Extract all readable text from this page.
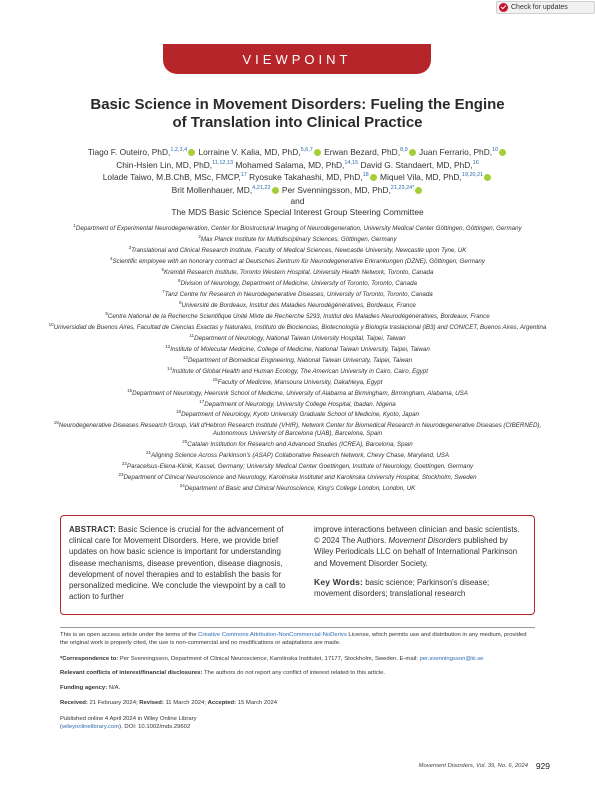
Check for updates
VIEWPOINT
Basic Science in Movement Disorders: Fueling the Engine
of Translation into Clinical Practice
Tiago F. Outeiro, PhD,$^{1,2,3,4}$ Lorraine V. Kalia, MD, PhD,$^{5,6,7}$ Erwan Bezard, PhD,$^{8,9}$ Juan Ferrario, PhD,$^{10}$
Chin-Hsien Lin, MD, PhD,$^{11,12,13}$ Mohamed Salama, MD, PhD,$^{14,15}$ David G. Standaert, MD, PhD,$^{16}$
Lolade Taiwo, M.B.ChB, MSc, FMCP,$^{17}$ Ryosuke Takahashi, MD, PhD,$^{18}$ Miquel Vila, MD, PhD,$^{19,20,21}$
Brit Mollenhauer, MD,$^{4,21,22}$ Per Svenningsson, MD, PhD,$^{21,23,24*}$
and
The MDS Basic Science Special Interest Group Steering Committee
$^1$Department of Experimental Neurodegeneration, Center for Biostructural Imaging of Neurodegeneration, University Medical Center Göttingen, Göttingen, Germany
$^2$Max Planck Institute for Multidisciplinary Sciences, Göttingen, Germany
$^3$Translational and Clinical Research Institute, Faculty of Medical Sciences, Newcastle University, Newcastle upon Tyne, UK
$^4$Scientific employee with an honorary contract at Deutsches Zentrum für Neurodegenerative Erkrankungen (DZNE), Göttingen, Germany
$^5$Krembil Research Institute, Toronto Western Hospital, University Health Network, Toronto, Canada
$^6$Division of Neurology, Department of Medicine, University of Toronto, Toronto, Canada
$^7$Tanz Centre for Research in Neurodegenerative Diseases, University of Toronto, Toronto, Canada
$^8$Université de Bordeaux, Institut des Maladies Neurodégénératives, Bordeaux, France
$^9$Centre National de la Recherche Scientifique Unité Mixte de Recherche 5293, Institut des Maladies Neurodégénératives, Bordeaux, France
$^{10}$Universidad de Buenos Aires, Facultad de Ciencias Exactas y Naturales, Instituto de Biociencias, Biotecnología y Biología traslacional (iB3) and CONICET, Buenos Aires, Argentina
$^{11}$Department of Neurology, National Taiwan University Hospital, Taipei, Taiwan
$^{12}$Institute of Molecular Medicine, College of Medicine, National Taiwan University, Taipei, Taiwan
$^{13}$Department of Biomedical Engineering, National Taiwan University, Taipei, Taiwan
$^{14}$Institute of Global Health and Human Ecology, The American University in Cairo, Cairo, Egypt
$^{15}$Faculty of Medicine, Mansoura University, Dakahleya, Egypt
$^{16}$Department of Neurology, Heersink School of Medicine, University of Alabama at Birmingham, Birmingham, Alabama, USA
$^{17}$Department of Neurology, University College Hospital, Ibadan, Nigeria
$^{18}$Department of Neurology, Kyoto University Graduate School of Medicine, Kyoto, Japan
$^{19}$Neurodegenerative Diseases Research Group, Vall d'Hebron Research Institute (VHIR), Network Center for Biomedical Research in Neurodegenerative Diseases (CIBERNED), Autonomous University of Barcelona (UAB), Barcelona, Spain
$^{20}$Catalan Institution for Research and Advanced Studies (ICREA), Barcelona, Spain
$^{21}$Aligning Science Across Parkinson's (ASAP) Collaborative Research Network, Chevy Chase, Maryland, USA
$^{22}$Paracelsus-Elena-Klinik, Kassel, Germany; University Medical Center Goettingen, Institute of Neurology, Goettingen, Germany
$^{23}$Department of Clinical Neuroscience and Neurology, Karolinska Institutet and Karolinska University Hospital, Stockholm, Sweden
$^{24}$Department of Basic and Clinical Neuroscience, King's College London, London, UK
ABSTRACT: Basic Science is crucial for the advancement of clinical care for Movement Disorders. Here, we provide brief updates on how basic science is important for understanding disease mechanisms, disease prevention, disease diagnosis, development of novel therapies and to establish the basis for personalized medicine. We conclude the viewpoint by a call to action to further
improve interactions between clinician and basic scientists. © 2024 The Authors. Movement Disorders published by Wiley Periodicals LLC on behalf of International Parkinson and Movement Disorder Society.
Key Words: basic science; Parkinson's disease; movement disorders; translational research
This is an open access article under the terms of the Creative Commons Attribution-NonCommercial-NoDerivs License, which permits use and distribution in any medium, provided the original work is properly cited, the use is non-commercial and no modifications or adaptations are made.
*Correspondence to: Per Svenningsson, Department of Clinical Neuroscience, Karolinska Institutet, 17177, Stockholm, Sweden. E-mail: per.svenningsson@ki.se
Relevant conflicts of interest/financial disclosures: The authors do not report any conflict of interest related to this article.
Funding agency: N/A.
Received: 21 February 2024; Revised: 11 March 2024; Accepted: 15 March 2024
Published online 4 April 2024 in Wiley Online Library
(wileyonlinelibrary.com). DOI: 10.1002/mds.29602
Movement Disorders, Vol. 39, No. 6, 2024 929
